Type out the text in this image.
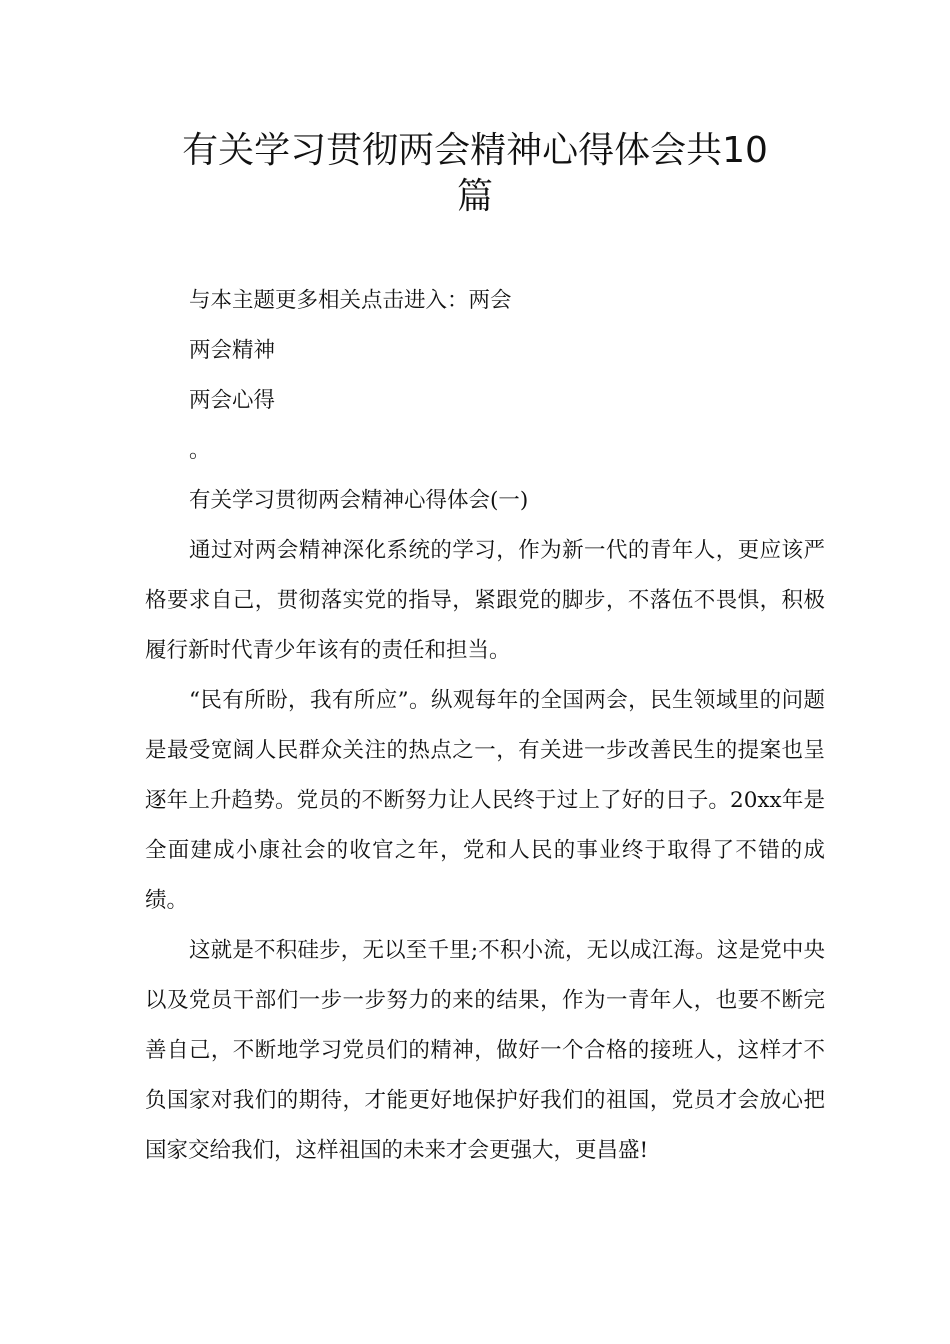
有关学习贯彻两会精神心得体会共10
篇

与本主题更多相关点击进入：两会

两会精神

两会心得

。

有关学习贯彻两会精神心得体会(一)

通过对两会精神深化系统的学习，作为新一代的青年人，更应该严格要求自己，贯彻落实党的指导，紧跟党的脚步，不落伍不畏惧，积极履行新时代青少年该有的责任和担当。

“民有所盼，我有所应”。纵观每年的全国两会，民生领域里的问题是最受宽阔人民群众关注的热点之一，有关进一步改善民生的提案也呈逐年上升趋势。党员的不断努力让人民终于过上了好的日子。20xx年是全面建成小康社会的收官之年，党和人民的事业终于取得了不错的成绩。

这就是不积硅步，无以至千里;不积小流，无以成江海。这是党中央以及党员干部们一步一步努力的来的结果，作为一青年人，也要不断完善自己，不断地学习党员们的精神，做好一个合格的接班人，这样才不负国家对我们的期待，才能更好地保护好我们的祖国，党员才会放心把国家交给我们，这样祖国的未来才会更强大，更昌盛!
